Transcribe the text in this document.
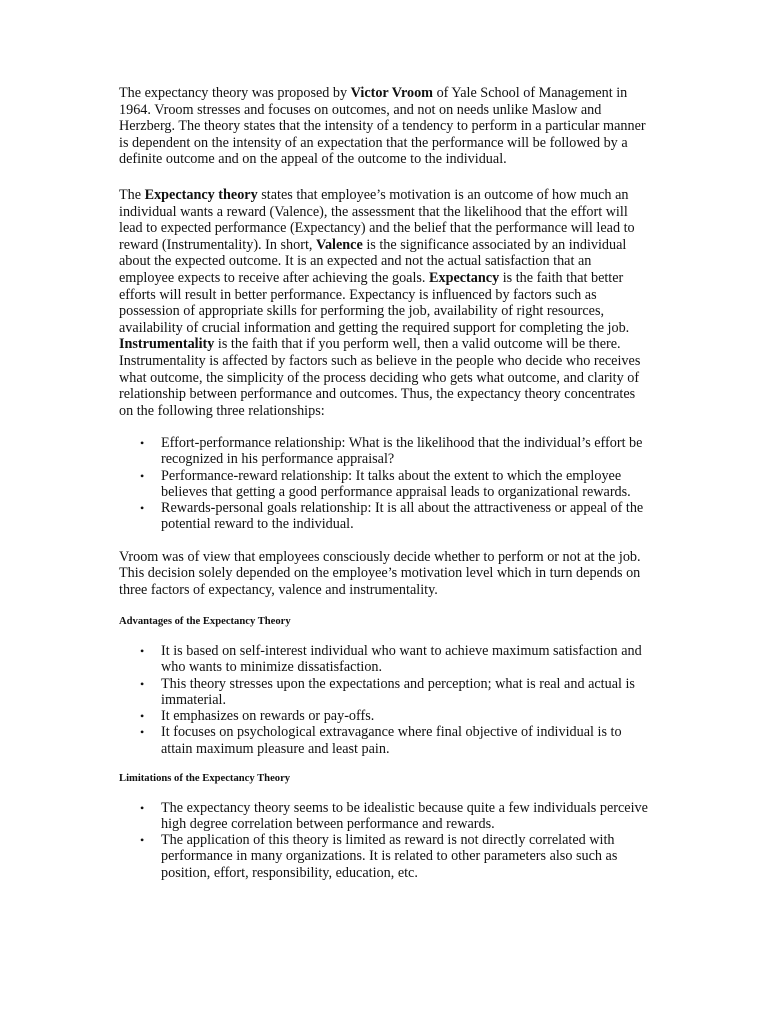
The expectancy theory was proposed by Victor Vroom of Yale School of Management in 1964. Vroom stresses and focuses on outcomes, and not on needs unlike Maslow and Herzberg. The theory states that the intensity of a tendency to perform in a particular manner is dependent on the intensity of an expectation that the performance will be followed by a definite outcome and on the appeal of the outcome to the individual.

The Expectancy theory states that employee’s motivation is an outcome of how much an individual wants a reward (Valence), the assessment that the likelihood that the effort will lead to expected performance (Expectancy) and the belief that the performance will lead to reward (Instrumentality). In short, Valence is the significance associated by an individual about the expected outcome. It is an expected and not the actual satisfaction that an employee expects to receive after achieving the goals. Expectancy is the faith that better efforts will result in better performance. Expectancy is influenced by factors such as possession of appropriate skills for performing the job, availability of right resources, availability of crucial information and getting the required support for completing the job.

Instrumentality is the faith that if you perform well, then a valid outcome will be there. Instrumentality is affected by factors such as believe in the people who decide who receives what outcome, the simplicity of the process deciding who gets what outcome, and clarity of relationship between performance and outcomes. Thus, the expectancy theory concentrates on the following three relationships:

• Effort-performance relationship: What is the likelihood that the individual’s effort be recognized in his performance appraisal?
• Performance-reward relationship: It talks about the extent to which the employee believes that getting a good performance appraisal leads to organizational rewards.
• Rewards-personal goals relationship: It is all about the attractiveness or appeal of the potential reward to the individual.

Vroom was of view that employees consciously decide whether to perform or not at the job. This decision solely depended on the employee’s motivation level which in turn depends on three factors of expectancy, valence and instrumentality.

Advantages of the Expectancy Theory
• It is based on self-interest individual who want to achieve maximum satisfaction and who wants to minimize dissatisfaction.
• This theory stresses upon the expectations and perception; what is real and actual is immaterial.
• It emphasizes on rewards or pay-offs.
• It focuses on psychological extravagance where final objective of individual is to attain maximum pleasure and least pain.
Limitations of the Expectancy Theory
• The expectancy theory seems to be idealistic because quite a few individuals perceive high degree correlation between performance and rewards.
• The application of this theory is limited as reward is not directly correlated with performance in many organizations. It is related to other parameters also such as position, effort, responsibility, education, etc.
